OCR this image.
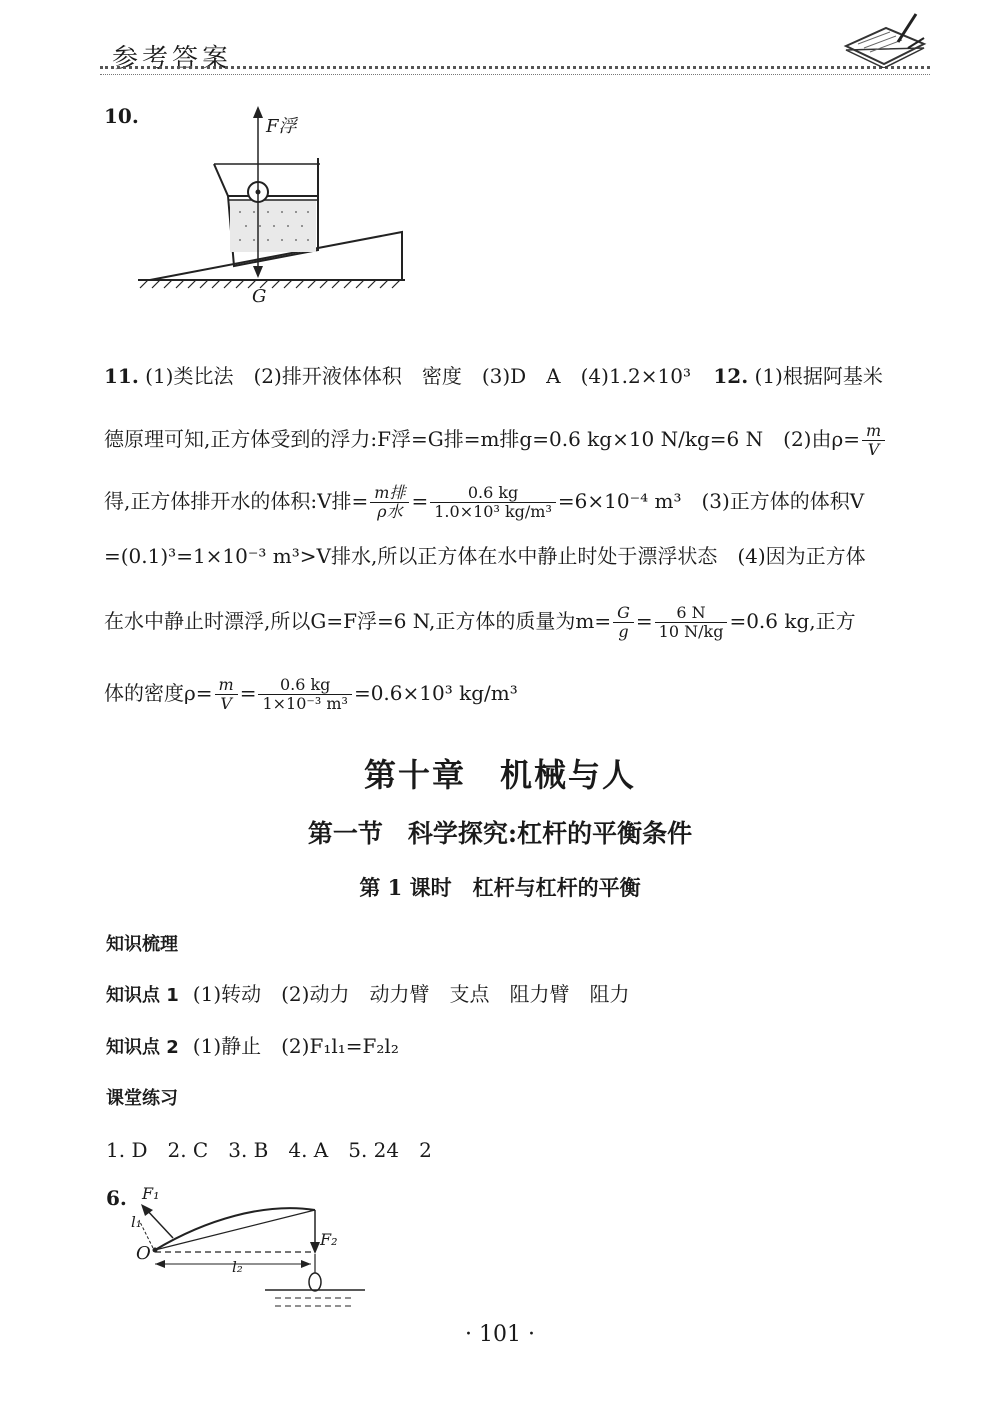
参考答案
10.	F浮
G
11. (1)类比法　(2)排开液体体积　密度　(3)D　A　(4)1.2×10³ 12. (1)根据阿基米
德原理可知,正方体受到的浮力:F浮=G排=m排g=0.6 kg×10 N/kg=6 N　(2)由$\rho= \frac{m}{V}$
得,正方体排开水的体积:V排= $\frac{\text{m排}}{\text{ρ水}} = \frac{0.6 kg}{\text{1.0×10³ kg/m³}} =6\times 10^{-4}$ m³　(3)正方体的体积V
=(0.1)³=1×10⁻³ m³>V排水,所以正方体在水中静止时处于漂浮状态　(4)因为正方体
在水中静止时漂浮,所以G=F浮=6 N,正方体的质量为$m= \frac{G}{g} = \frac{6 N}{10 N/kg} =0.6$ kg,正方
体的密度$\rho= \frac{m}{V} = \frac{0.6 kg}{\text{1×10⁻³ m³}} =0.6\times 10^3$ kg/m³
第十章　机械与人
第一节　科学探究:杠杆的平衡条件
第 1 课时　杠杆与杠杆的平衡
知识梳理
知识点 1 (1)转动　(2)动力　动力臂　支点　阻力臂　阻力
知识点 2 (1)静止　(2)F₁l₁=F₂l₂
课堂练习
1. D　2. C　3. B　4. A　5. 24　2
6. F₁
l₁
O
F₂
l₂
· 101 ·
